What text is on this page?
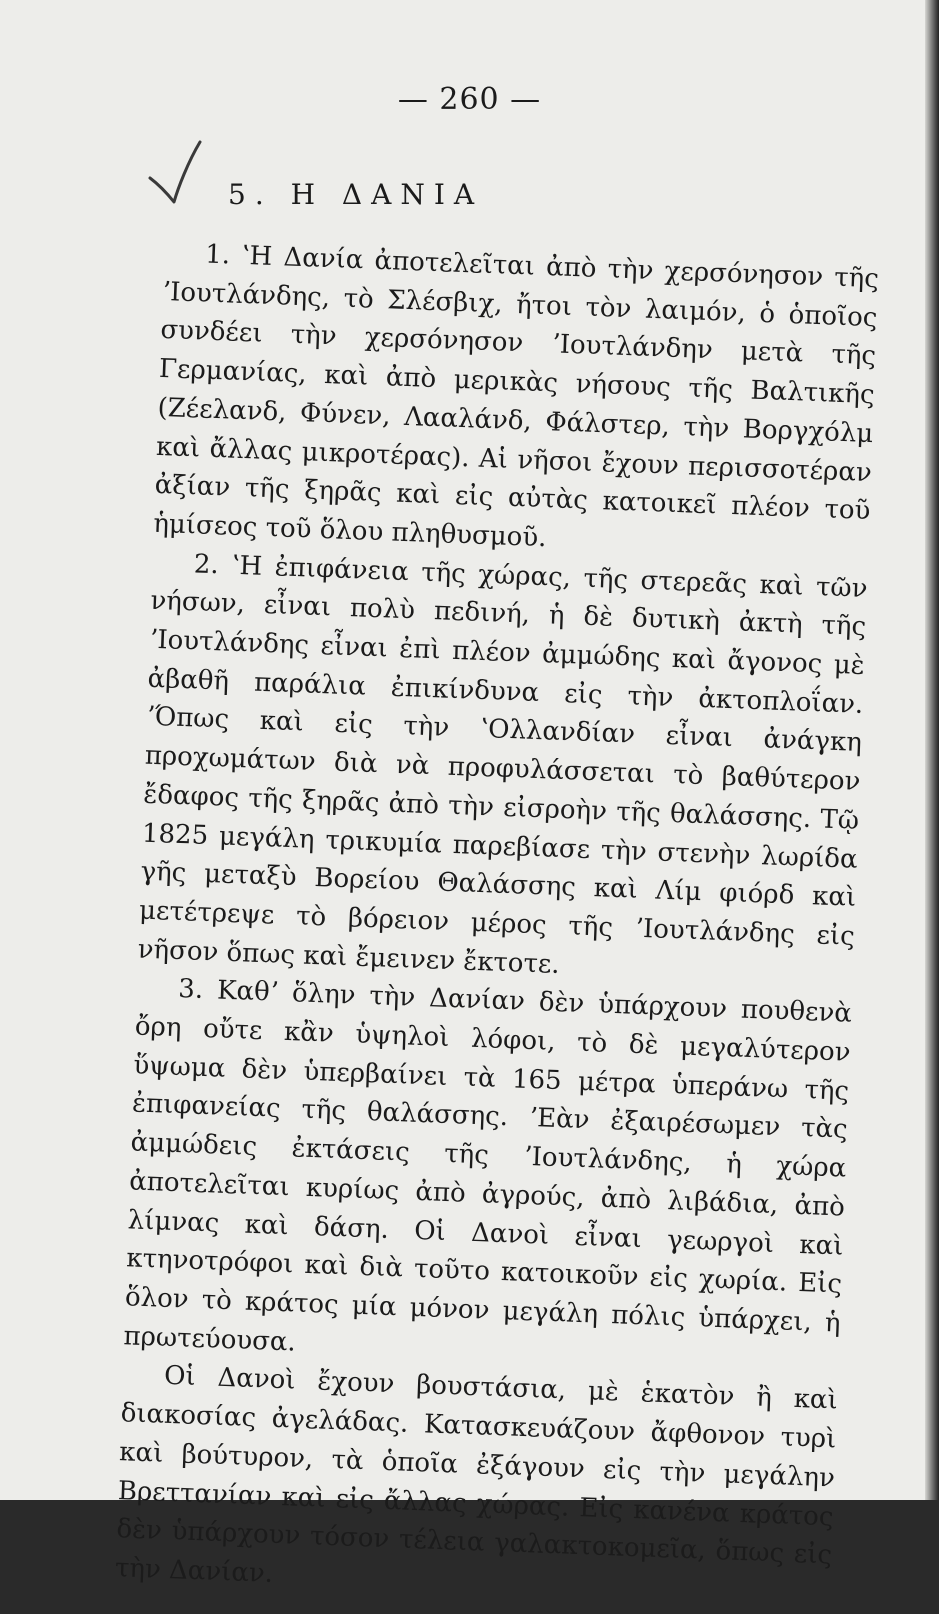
— 260 —
5. Η ΔΑΝΙΑ

1. ʽΗ Δανία ἀποτελεῖται ἀπὸ τὴν χερσόνησον τῆς ʼΙουτλάνδης, τὸ Σλέσβιχ, ἤτοι τὸν λαιμόν, ὁ ὁποῖος συνδέει τὴν χερσόνησον ʼΙουτλάνδην μετὰ τῆς Γερμανίας, καὶ ἀπὸ μερικὰς νήσους τῆς Βαλτικῆς (Ζέελανδ, Φύνεν, Λααλάνδ, Φάλστερ, τὴν Βοργχόλμ καὶ ἄλλας μικροτέρας). Αἱ νῆσοι ἔχουν περισσοτέραν ἀξίαν τῆς ξηρᾶς καὶ εἰς αὐτὰς κατοικεῖ πλέον τοῦ ἡμίσεος τοῦ ὅλου πληθυσμοῦ.

2. ʽΗ ἐπιφάνεια τῆς χώρας, τῆς στερεᾶς καὶ τῶν νήσων, εἶναι πολὺ πεδινή, ἡ δὲ δυτικὴ ἀκτὴ τῆς ʼΙουτλάνδης εἶναι ἐπὶ πλέον ἀμμώδης καὶ ἄγονος μὲ ἀβαθῆ παράλια ἐπικίνδυνα εἰς τὴν ἀκτοπλοΐαν. ʼΌπως καὶ εἰς τὴν ʽΟλλανδίαν εἶναι ἀνάγκη προχωμάτων διὰ νὰ προφυλάσσεται τὸ βαθύτερον ἔδαφος τῆς ξηρᾶς ἀπὸ τὴν εἰσροὴν τῆς θαλάσσης. Τῷ 1825 μεγάλη τρικυμία παρεβίασε τὴν στενὴν λωρίδα γῆς μεταξὺ Βορείου Θαλάσσης καὶ Λίμ φιόρδ καὶ μετέτρεψε τὸ βόρειον μέρος τῆς ʼΙουτλάνδης εἰς νῆσον ὅπως καὶ ἔμεινεν ἔκτοτε.

3. Καθʼ ὅλην τὴν Δανίαν δὲν ὑπάρχουν πουθενὰ ὄρη οὔτε κἂν ὑψηλοὶ λόφοι, τὸ δὲ μεγαλύτερον ὕψωμα δὲν ὑπερβαίνει τὰ 165 μέτρα ὑπεράνω τῆς ἐπιφανείας τῆς θαλάσσης. ʼΕὰν ἐξαιρέσωμεν τὰς ἀμμώδεις ἐκτάσεις τῆς ʼΙουτλάνδης, ἡ χώρα ἀποτελεῖται κυρίως ἀπὸ ἀγρούς, ἀπὸ λιβάδια, ἀπὸ λίμνας καὶ δάση. Οἱ Δανοὶ εἶναι γεωργοὶ καὶ κτηνοτρόφοι καὶ διὰ τοῦτο κατοικοῦν εἰς χωρία. Εἰς ὅλον τὸ κράτος μία μόνον μεγάλη πόλις ὑπάρχει, ἡ πρωτεύουσα.

Οἱ Δανοὶ ἔχουν βουστάσια, μὲ ἑκατὸν ἢ καὶ διακοσίας ἀγελάδας. Κατασκευάζουν ἄφθονον τυρὶ καὶ βούτυρον, τὰ ὁποῖα ἐξάγουν εἰς τὴν μεγάλην Βρεττανίαν καὶ εἰς ἄλλας χώρας. Εἰς κανένα κράτος δὲν ὑπάρχουν τόσον τέλεια γαλακτοκομεῖα, ὅπως εἰς τὴν Δανίαν.
